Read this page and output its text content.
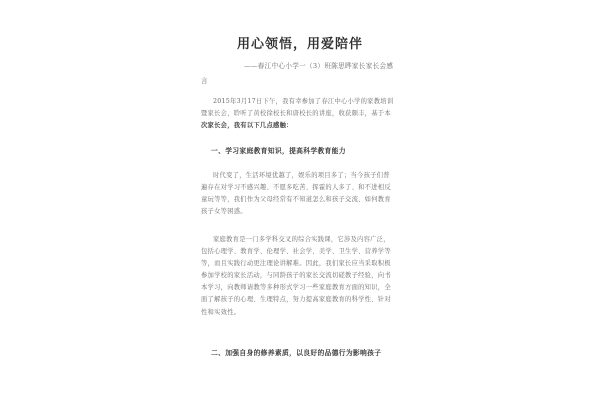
用心领悟，用爱陪伴
——春江中心小学一（3）班陈思晔家长家长会感
言
2015年3月17日下午，我有幸参加了春江中心小学的家教培训
暨家长会，聆听了黄校徐校长和唐校长的讲座，收获颇丰，基于本
次家长会，我有以下几点感触：
一、学习家庭教育知识，提高科学教育能力
时代变了，生活环境优越了，娱乐的项目多了；当今孩子们普
遍存在对学习不感兴趣、不愿多吃苦、挥霍的人多了、和不进相反
童玩等等，我们作为父母经常有不知道怎么和孩子交流、如何教育
孩子女等困惑。
家庭教育是一门多学科交叉的综合实践课，它涉及内容广泛，
包括心理学、教育学、伦理学、社会学、美学、卫生学、营养学等
等，而且实践行动更注理论讲解难。因此，我们家长应当采取积极
参加学校的家长活动，与同龄孩子的家长交流切磋教子经验，向书
本学习，向教师请教等多种形式学习一些家庭教育方面的知识，全
面了解孩子的心理、生理特点，努力提高家庭教育的科学性、针对
性和实效性。
二、加强自身的修养素质，以良好的品德行为影响孩子
